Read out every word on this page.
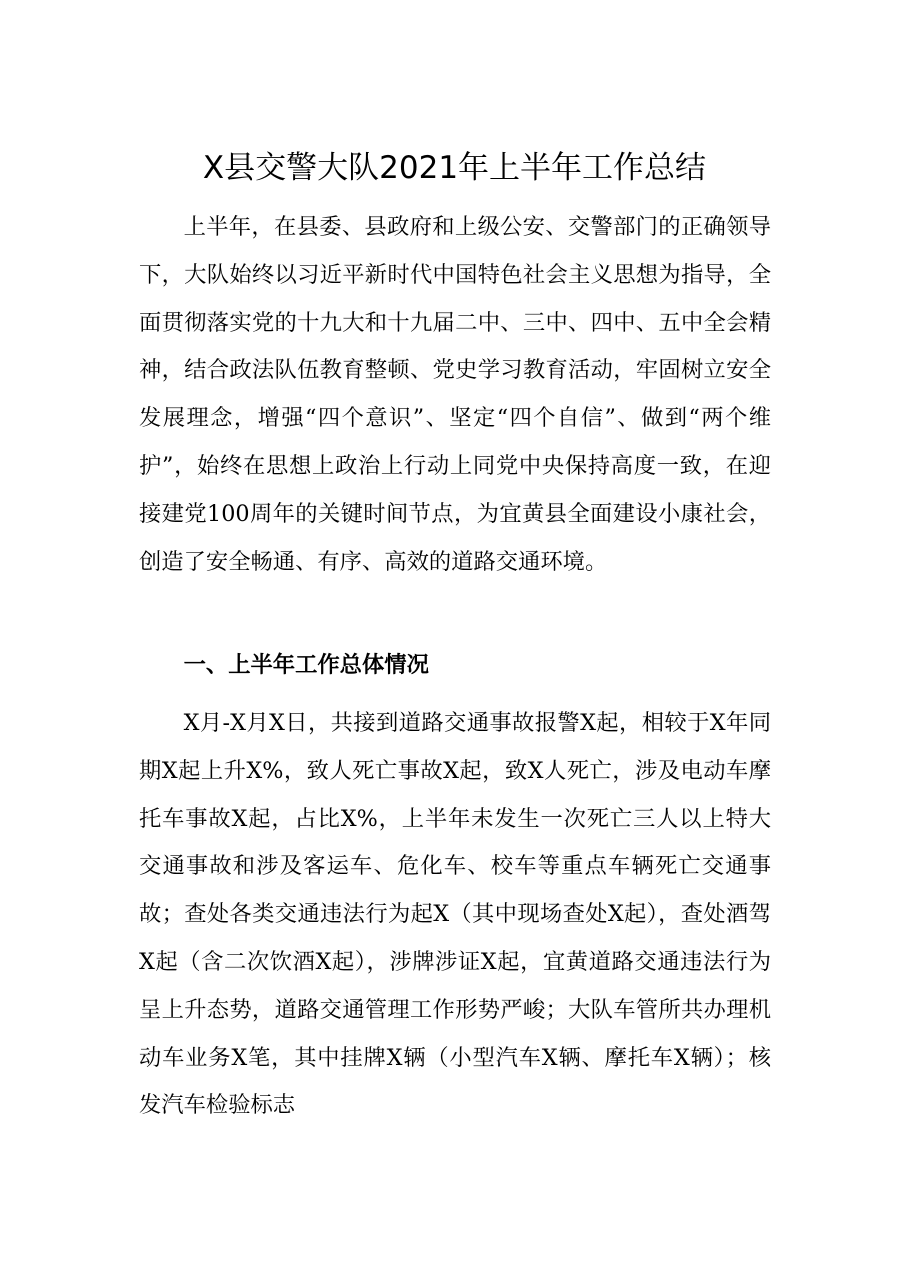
X县交警大队2021年上半年工作总结

上半年，在县委、县政府和上级公安、交警部门的正确领导下，大队始终以习近平新时代中国特色社会主义思想为指导，全面贯彻落实党的十九大和十九届二中、三中、四中、五中全会精神，结合政法队伍教育整顿、党史学习教育活动，牢固树立安全发展理念，增强“四个意识”、坚定“四个自信”、做到“两个维护”，始终在思想上政治上行动上同党中央保持高度一致，在迎接建党100周年的关键时间节点，为宜黄县全面建设小康社会，创造了安全畅通、有序、高效的道路交通环境。

一、上半年工作总体情况

X月-X月X日，共接到道路交通事故报警X起，相较于X年同期X起上升X%，致人死亡事故X起，致X人死亡，涉及电动车摩托车事故X起，占比X%，上半年未发生一次死亡三人以上特大交通事故和涉及客运车、危化车、校车等重点车辆死亡交通事故；查处各类交通违法行为起X（其中现场查处X起），查处酒驾X起（含二次饮酒X起），涉牌涉证X起，宜黄道路交通违法行为呈上升态势，道路交通管理工作形势严峻；大队车管所共办理机动车业务X笔，其中挂牌X辆（小型汽车X辆、摩托车X辆）；核发汽车检验标志
